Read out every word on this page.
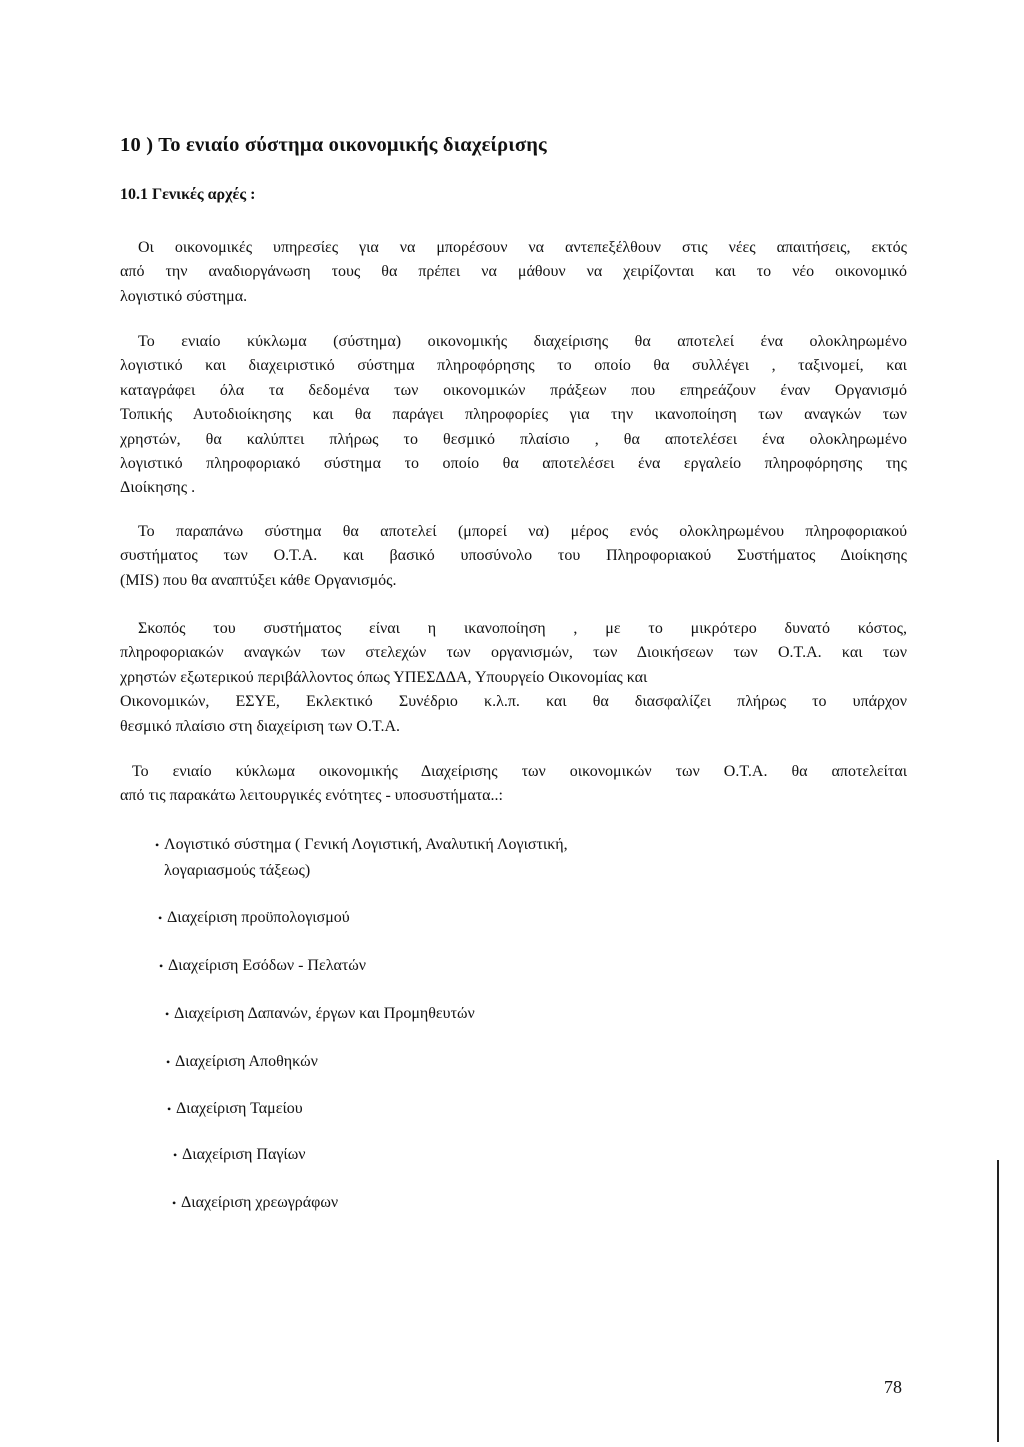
10 ) Το ενιαίο σύστημα οικονομικής διαχείρισης
10.1 Γενικές αρχές :
Οι οικονομικές υπηρεσίες για να μπορέσουν να αντεπεξέλθουν στις νέες απαιτήσεις, εκτός
από την αναδιοργάνωση τους θα πρέπει να μάθουν να χειρίζονται και το νέο οικονομικό
λογιστικό σύστημα.
Το ενιαίο κύκλωμα (σύστημα) οικονομικής διαχείρισης θα αποτελεί ένα ολοκληρωμένο
λογιστικό και διαχειριστικό σύστημα πληροφόρησης το οποίο θα συλλέγει , ταξινομεί, και
καταγράφει όλα τα δεδομένα των οικονομικών πράξεων που επηρεάζουν έναν Οργανισμό
Τοπικής Αυτοδιοίκησης και θα παράγει πληροφορίες για την ικανοποίηση των αναγκών των
χρηστών, θα καλύπτει πλήρως το θεσμικό πλαίσιο , θα αποτελέσει ένα ολοκληρωμένο
λογιστικό πληροφοριακό σύστημα το οποίο θα αποτελέσει ένα εργαλείο πληροφόρησης της
Διοίκησης .
Το παραπάνω σύστημα θα αποτελεί (μπορεί να) μέρος ενός ολοκληρωμένου πληροφοριακού
συστήματος των Ο.Τ.Α. και βασικό υποσύνολο του Πληροφοριακού Συστήματος Διοίκησης
(MIS) που θα αναπτύξει κάθε Οργανισμός.
Σκοπός του συστήματος είναι η ικανοποίηση , με το μικρότερο δυνατό κόστος,
πληροφοριακών αναγκών των στελεχών των οργανισμών, των Διοικήσεων των Ο.Τ.Α. και των
χρηστών εξωτερικού περιβάλλοντος όπως ΥΠΕΣΔΔΑ, Υπουργείο Οικονομίας και
Οικονομικών, ΕΣΥΕ, Εκλεκτικό Συνέδριο κ.λ.π. και θα διασφαλίζει πλήρως το υπάρχον
θεσμικό πλαίσιο στη διαχείριση των Ο.Τ.Α.
Το ενιαίο κύκλωμα οικονομικής Διαχείρισης των οικονομικών των Ο.Τ.Α. θα αποτελείται
από τις παρακάτω λειτουργικές ενότητες - υποσυστήματα..:
• Λογιστικό σύστημα ( Γενική Λογιστική, Αναλυτική Λογιστική,
λογαριασμούς τάξεως)
• Διαχείριση προϋπολογισμού
• Διαχείριση Εσόδων - Πελατών
• Διαχείριση Δαπανών, έργων και Προμηθευτών
• Διαχείριση Αποθηκών
• Διαχείριση Ταμείου
• Διαχείριση Παγίων
• Διαχείριση χρεωγράφων
78
